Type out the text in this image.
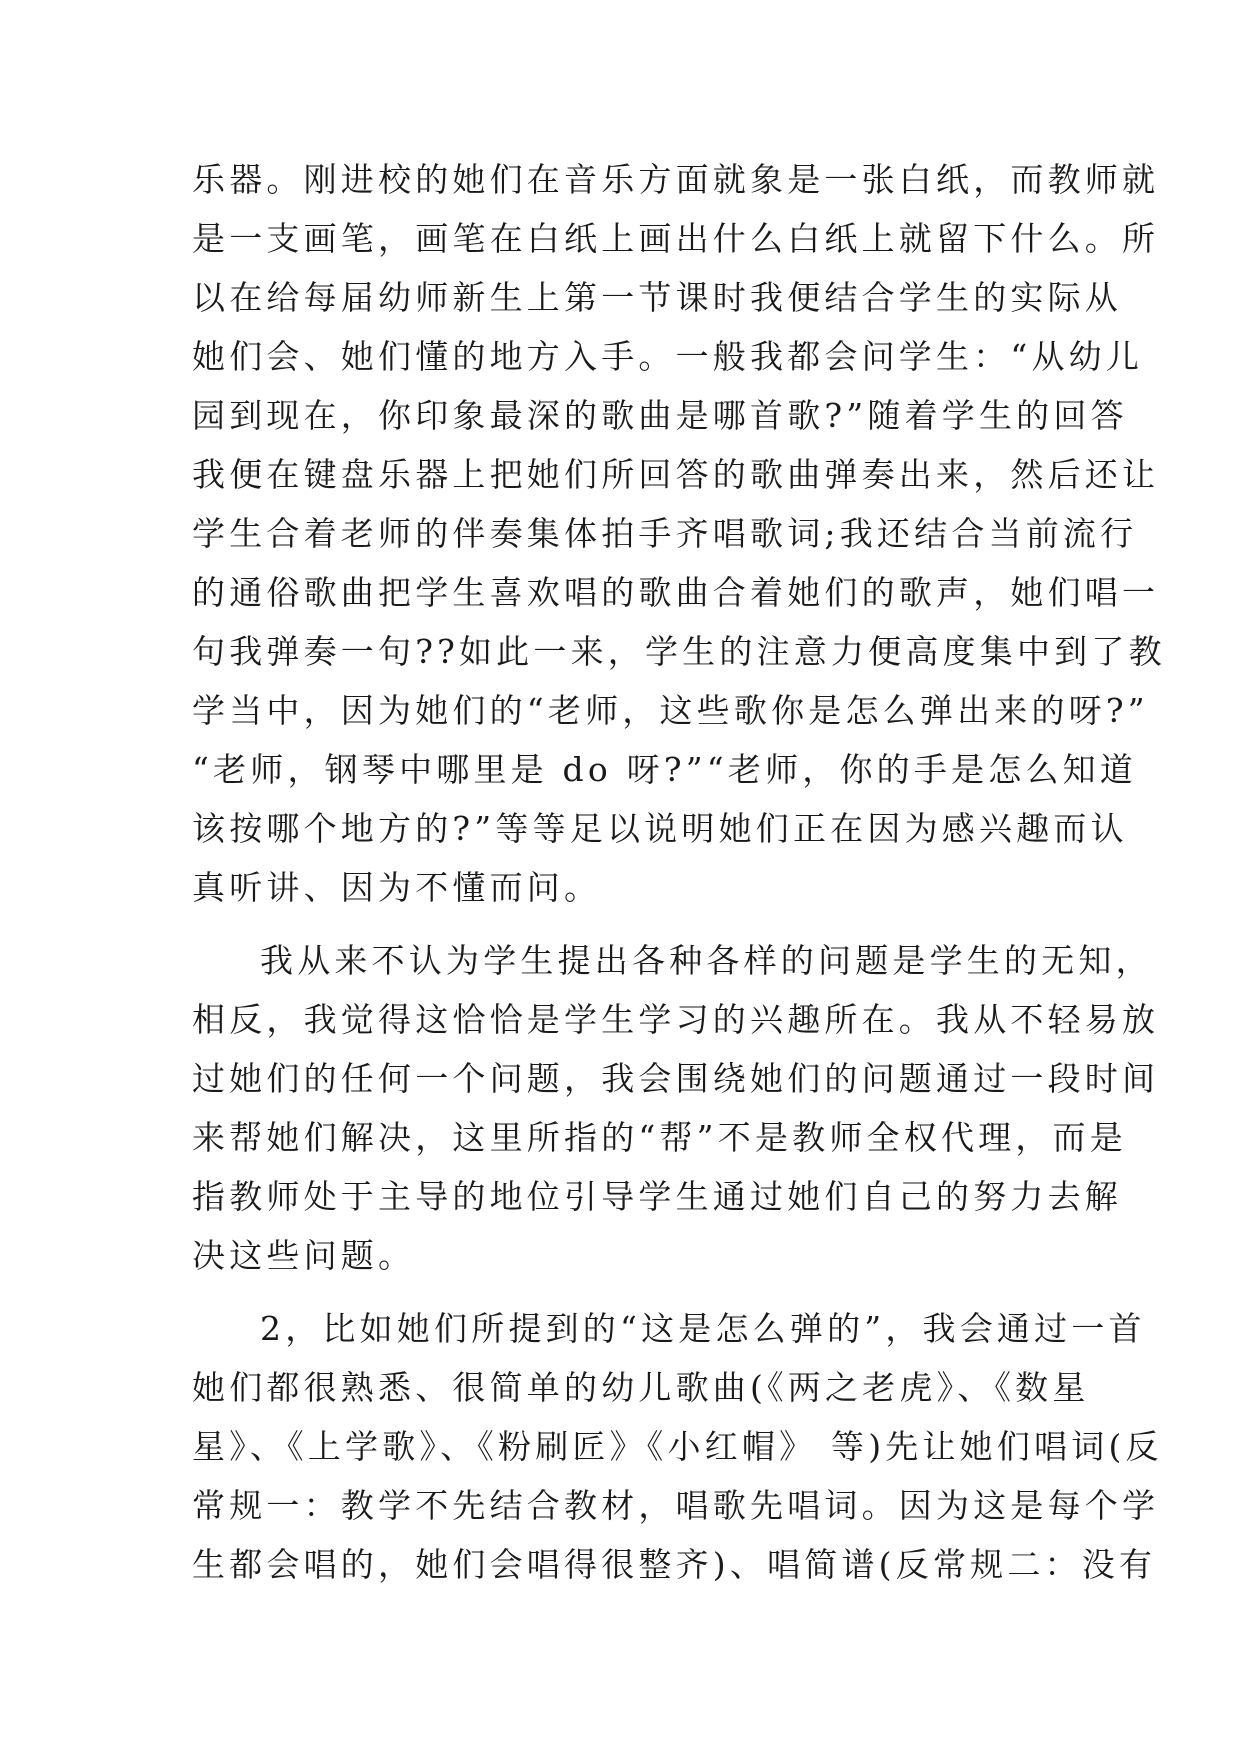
乐器。刚进校的她们在音乐方面就象是一张白纸，而教师就
是一支画笔，画笔在白纸上画出什么白纸上就留下什么。所
以在给每届幼师新生上第一节课时我便结合学生的实际从
她们会、她们懂的地方入手。一般我都会问学生：“从幼儿
园到现在，你印象最深的歌曲是哪首歌?”随着学生的回答
我便在键盘乐器上把她们所回答的歌曲弹奏出来，然后还让
学生合着老师的伴奏集体拍手齐唱歌词;我还结合当前流行
的通俗歌曲把学生喜欢唱的歌曲合着她们的歌声，她们唱一
句我弹奏一句??如此一来，学生的注意力便高度集中到了教
学当中，因为她们的“老师，这些歌你是怎么弹出来的呀?”
“老师，钢琴中哪里是 do 呀?”“老师，你的手是怎么知道
该按哪个地方的?”等等足以说明她们正在因为感兴趣而认
真听讲、因为不懂而问。
我从来不认为学生提出各种各样的问题是学生的无知，
相反，我觉得这恰恰是学生学习的兴趣所在。我从不轻易放
过她们的任何一个问题，我会围绕她们的问题通过一段时间
来帮她们解决，这里所指的“帮”不是教师全权代理，而是
指教师处于主导的地位引导学生通过她们自己的努力去解
决这些问题。
2，比如她们所提到的“这是怎么弹的”，我会通过一首
她们都很熟悉、很简单的幼儿歌曲(《两之老虎》、《数星
星》、《上学歌》、《粉刷匠》《小红帽》 等)先让她们唱词(反
常规一：教学不先结合教材，唱歌先唱词。因为这是每个学
生都会唱的，她们会唱得很整齐)、唱简谱(反常规二：没有
